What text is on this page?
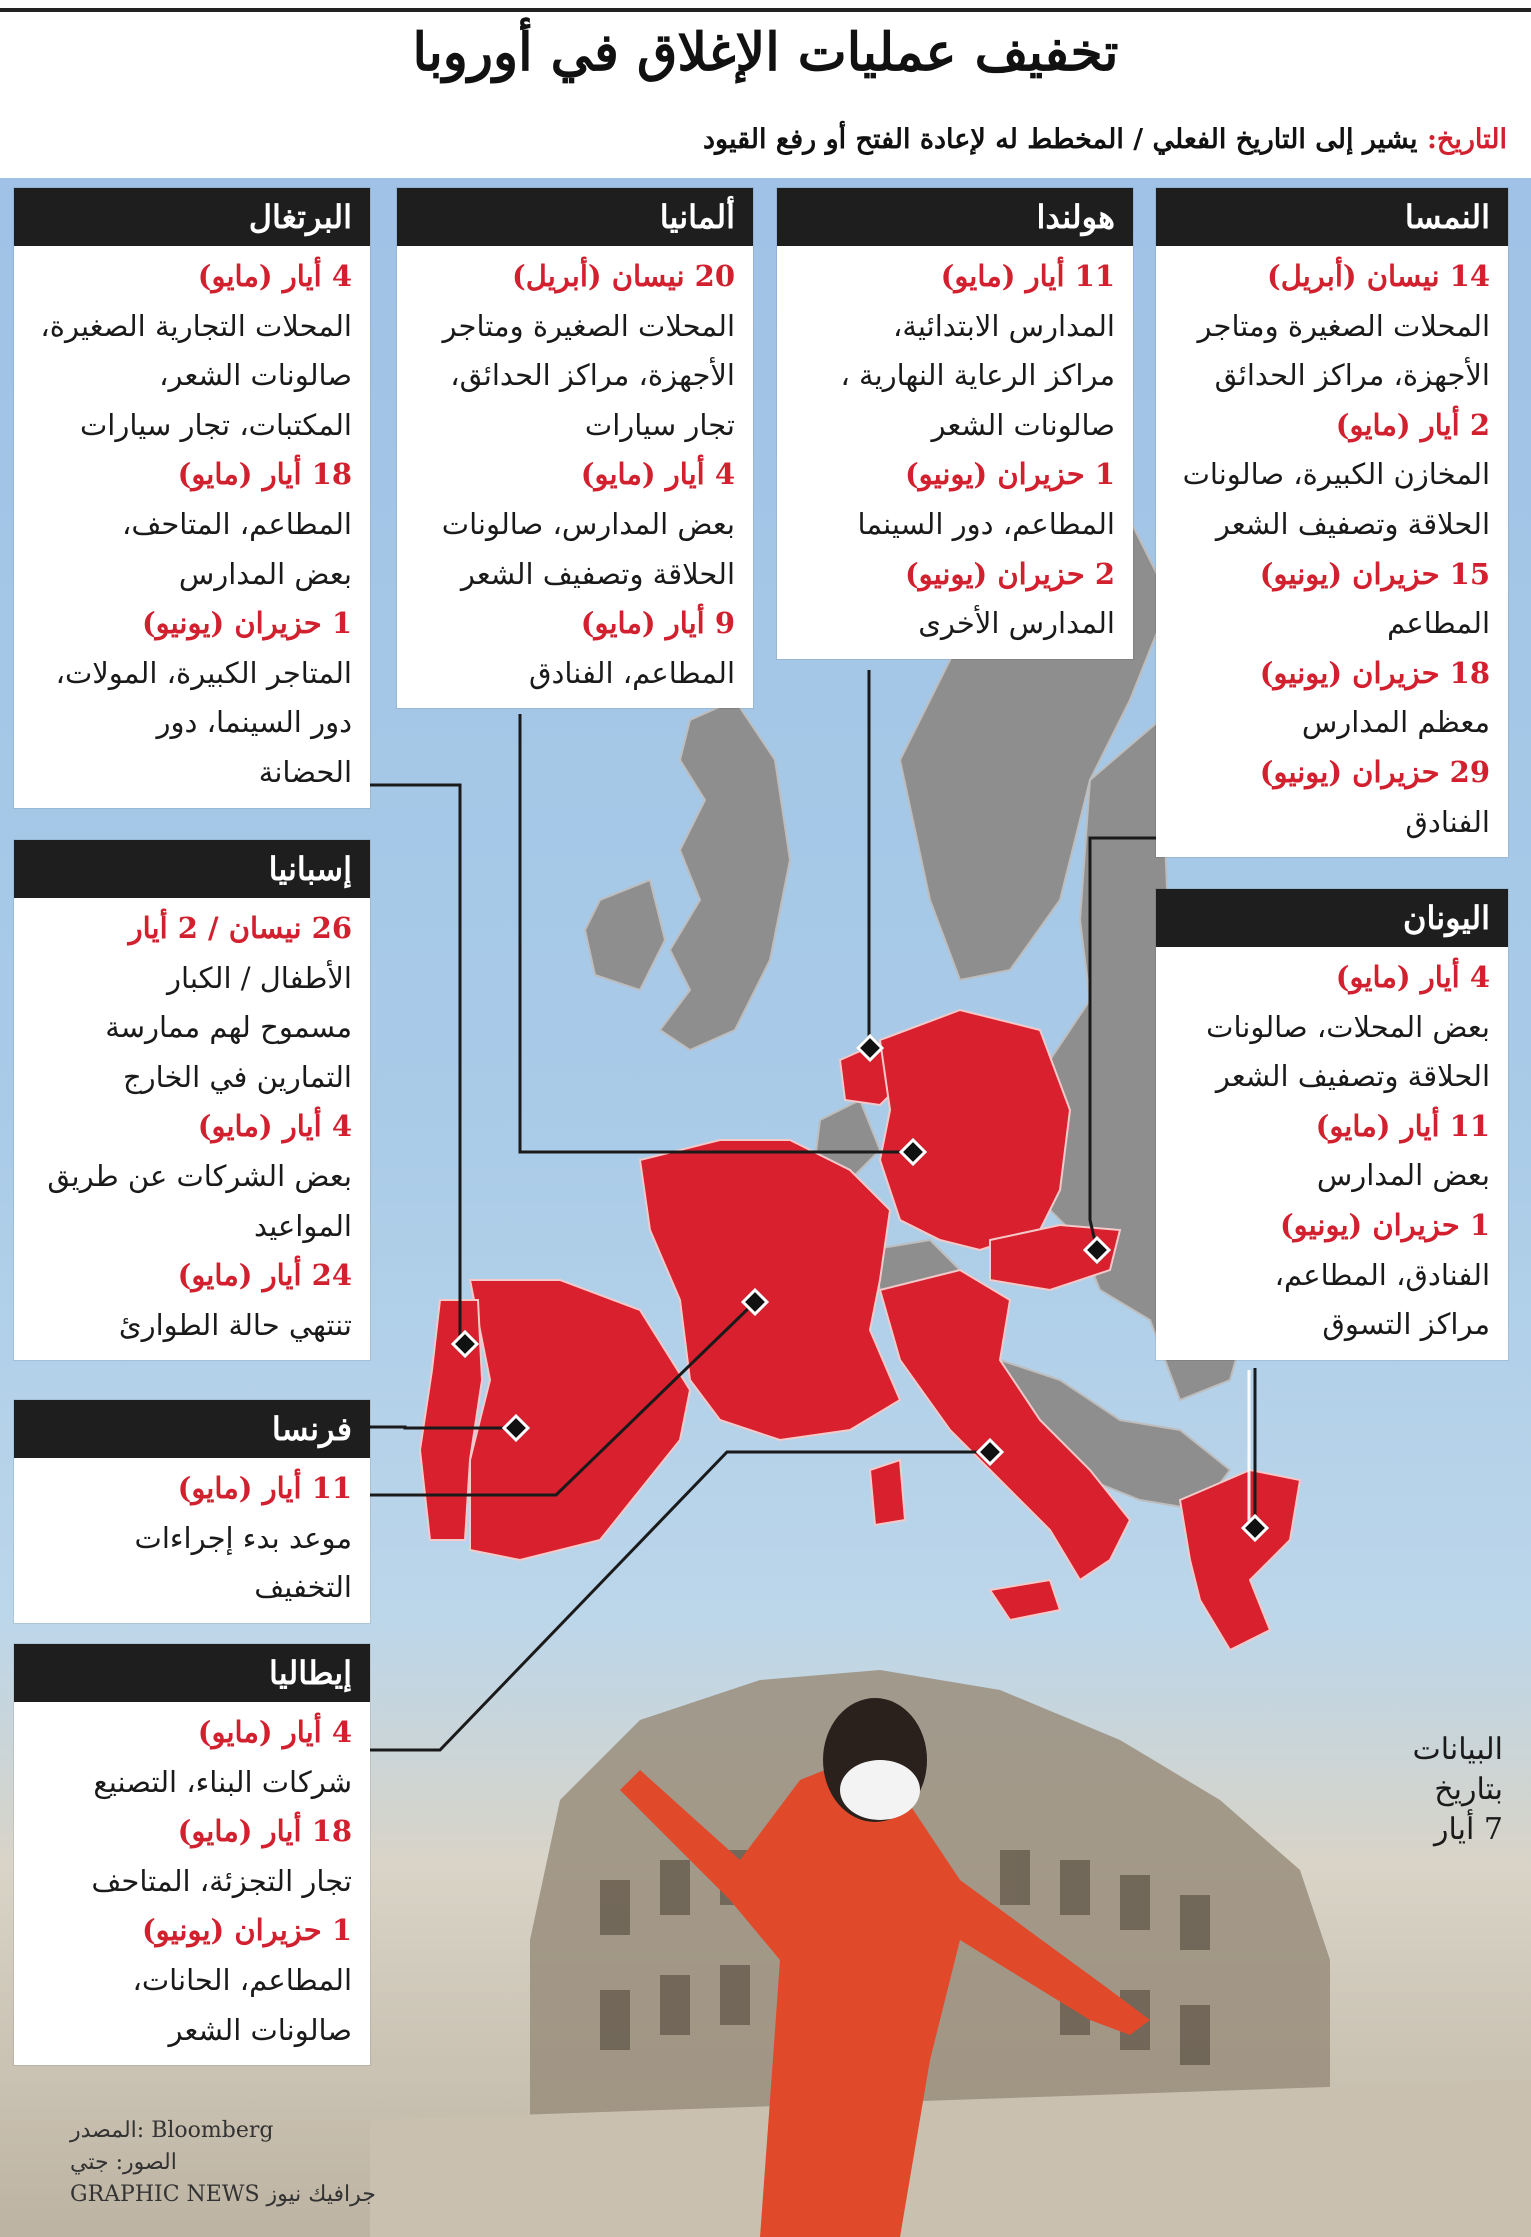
تخفيف عمليات الإغلاق في أوروبا
التاريخ: يشير إلى التاريخ الفعلي / المخطط له لإعادة الفتح أو رفع القيود
النمسا
14 نيسان (أبريل)
المحلات الصغيرة ومتاجر
الأجهزة، مراكز الحدائق
2 أيار (مايو)
المخازن الكبيرة، صالونات
الحلاقة وتصفيف الشعر
15 حزيران (يونيو)
المطاعم
18 حزيران (يونيو)
معظم المدارس
29 حزيران (يونيو)
الفنادق
هولندا
11 أيار (مايو)
المدارس الابتدائية،
مراكز الرعاية النهارية ،
صالونات الشعر
1 حزيران (يونيو)
المطاعم، دور السينما
2 حزيران (يونيو)
المدارس الأخرى
ألمانيا
20 نيسان (أبريل)
المحلات الصغيرة ومتاجر
الأجهزة، مراكز الحدائق،
تجار سيارات
4 أيار (مايو)
بعض المدارس، صالونات
الحلاقة وتصفيف الشعر
9 أيار (مايو)
المطاعم، الفنادق
البرتغال
4 أيار (مايو)
المحلات التجارية الصغيرة،
صالونات الشعر،
المكتبات، تجار سيارات
18 أيار (مايو)
المطاعم، المتاحف،
بعض المدارس
1 حزيران (يونيو)
المتاجر الكبيرة، المولات،
دور السينما، دور
الحضانة
إسبانيا
26 نيسان / 2 أيار
الأطفال / الكبار
مسموح لهم ممارسة
التمارين في الخارج
4 أيار (مايو)
بعض الشركات عن طريق
المواعيد
24 أيار (مايو)
تنتهي حالة الطوارئ
فرنسا
11 أيار (مايو)
موعد بدء إجراءات
التخفيف
إيطاليا
4 أيار (مايو)
شركات البناء، التصنيع
18 أيار (مايو)
تجار التجزئة، المتاحف
1 حزيران (يونيو)
المطاعم، الحانات،
صالونات الشعر
اليونان
4 أيار (مايو)
بعض المحلات، صالونات
الحلاقة وتصفيف الشعر
11 أيار (مايو)
بعض المدارس
1 حزيران (يونيو)
الفنادق، المطاعم،
مراكز التسوق
البيانات
بتاريخ
7 أيار
المصدر: Bloomberg
الصور: جتي
GRAPHIC NEWS جرافيك نيوز
